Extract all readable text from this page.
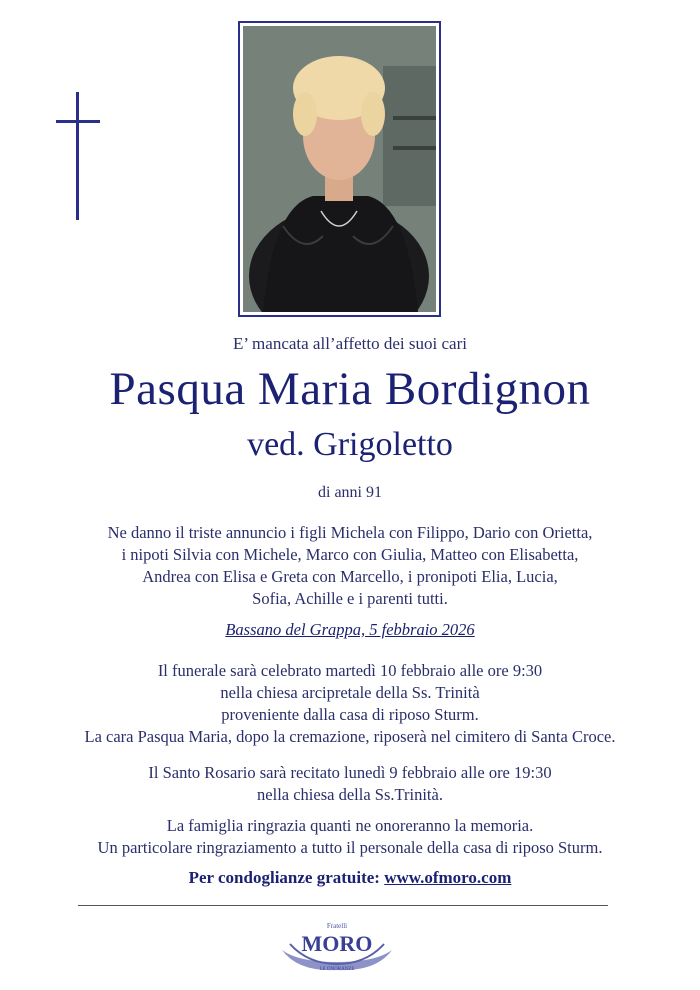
E’ mancata all’affetto dei suoi cari
Pasqua Maria Bordignon
ved. Grigoletto
di anni 91
Ne danno il triste annuncio i figli Michela con Filippo, Dario con Orietta,
i nipoti Silvia con Michele, Marco con Giulia, Matteo con Elisabetta,
Andrea con Elisa e Greta con Marcello, i pronipoti Elia, Lucia,
Sofia, Achille e i parenti tutti.
Bassano del Grappa, 5 febbraio 2026
Il funerale sarà celebrato martedì 10 febbraio alle ore 9:30
nella chiesa arcipretale della Ss. Trinità
proveniente dalla casa di riposo Sturm.
La cara Pasqua Maria, dopo la cremazione, riposerà nel cimitero di Santa Croce.
Il Santo Rosario sarà recitato lunedì 9 febbraio alle ore 19:30
nella chiesa della Ss.Trinità.
La famiglia ringrazia quanti ne onoreranno la memoria.
Un particolare ringraziamento a tutto il personale della casa di riposo Sturm.
Per condoglianze gratuite: www.ofmoro.com
Fratelli
MORO
LE ONORANZE
